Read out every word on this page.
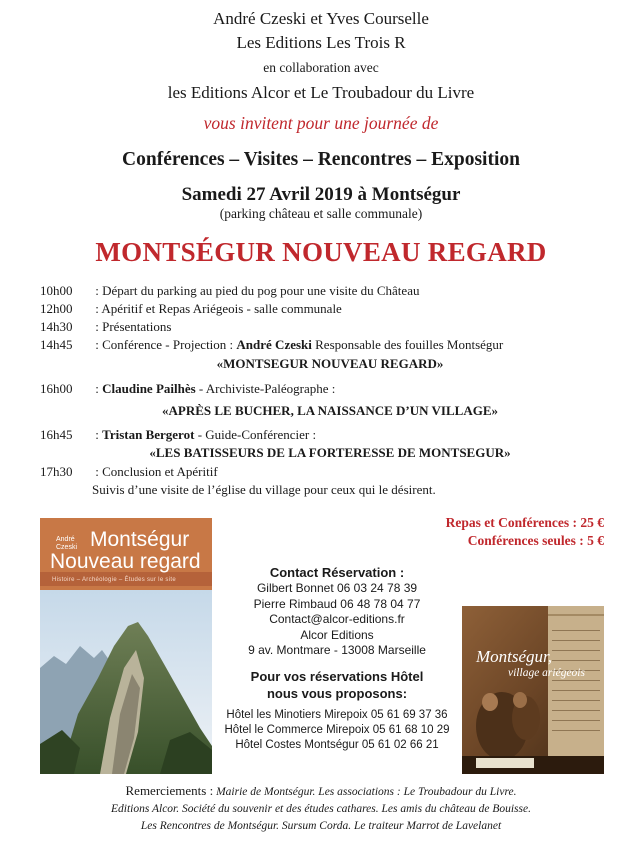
André Czeski et Yves Courselle
Les Editions Les Trois R
en collaboration avec
les Editions Alcor et Le Troubadour du Livre
vous invitent pour une journée de
Conférences – Visites – Rencontres – Exposition
Samedi 27 Avril 2019 à Montségur
(parking château et salle communale)
MONTSÉGUR NOUVEAU REGARD
10h00 : Départ du parking au pied du pog pour une visite du Château
12h00 : Apéritif et Repas Ariégeois - salle communale
14h30 : Présentations
14h45 : Conférence - Projection : André Czeski Responsable des fouilles Montségur
«MONTSEGUR NOUVEAU REGARD»
16h00 : Claudine Pailhès - Archiviste-Paléographe :
«APRÈS LE BUCHER, LA NAISSANCE D’UN VILLAGE»
16h45 : Tristan Bergerot - Guide-Conférencier :
«LES BATISSEURS DE LA FORTERESSE DE MONTSEGUR»
17h30 : Conclusion et Apéritif
Suivis d’une visite de l’église du village pour ceux qui le désirent.
André
Czeski Montségur
Nouveau regard
Histoire – Archéologie – Études sur le site
Repas et Conférences : 25 €
Conférences seules : 5 €
Contact Réservation :
Gilbert Bonnet 06 03 24 78 39
Pierre Rimbaud 06 48 78 04 77
Contact@alcor-editions.fr
Alcor Editions
9 av. Montmare - 13008 Marseille
Pour vos réservations Hôtel
nous vous proposons:
Hôtel les Minotiers Mirepoix 05 61 69 37 36
Hôtel le Commerce Mirepoix 05 61 68 10 29
Hôtel Costes Montségur 05 61 02 66 21
Montségur,
village ariégeois
Remerciements : Mairie de Montségur. Les associations : Le Troubadour du Livre.
Editions Alcor. Société du souvenir et des études cathares. Les amis du château de Bouisse.
Les Rencontres de Montségur. Sursum Corda. Le traiteur Marrot de Lavelanet
